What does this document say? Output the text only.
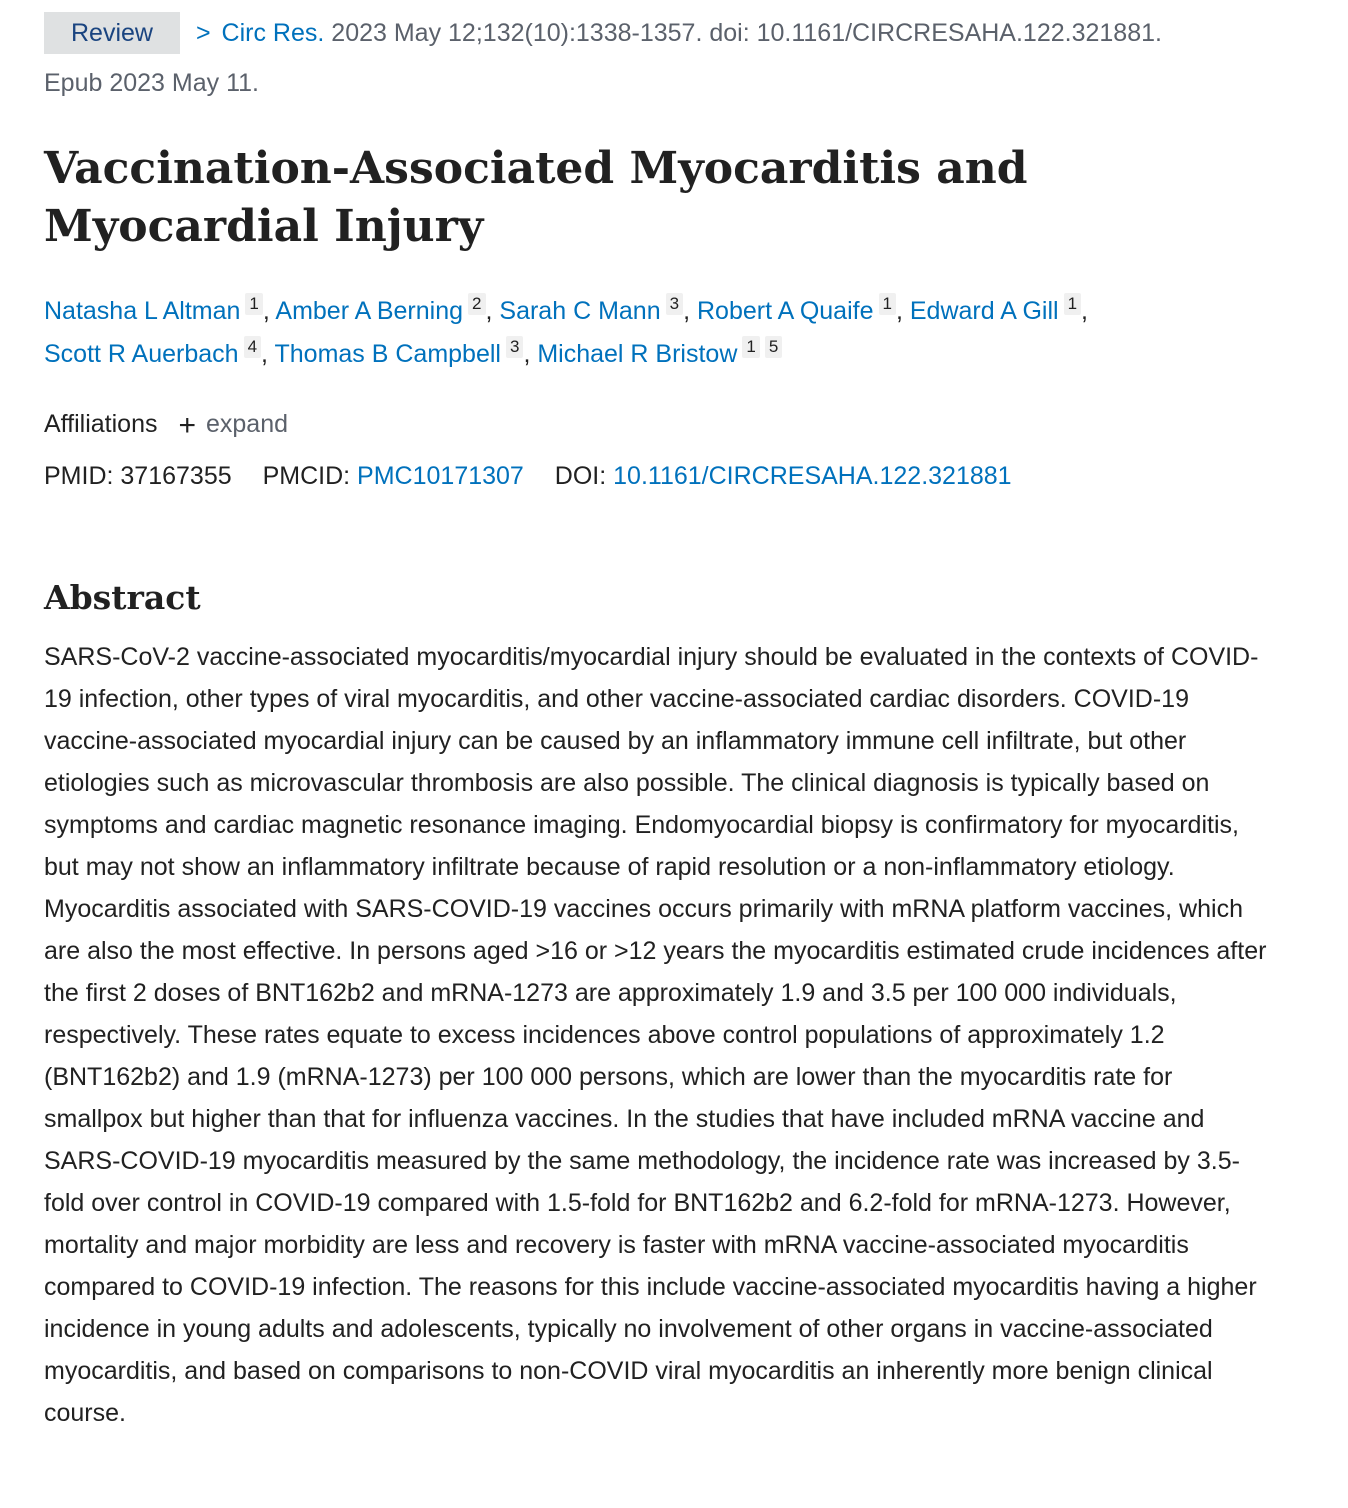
Review > Circ Res. 2023 May 12;132(10):1338-1357. doi: 10.1161/CIRCRESAHA.122.321881.
Epub 2023 May 11.
Vaccination-Associated Myocarditis and Myocardial Injury
Natasha L Altman $^1$ , Amber A Berning $^2$ , Sarah C Mann $^3$ , Robert A Quaife $^1$ , Edward A Gill $^1$ ,
Scott R Auerbach $^4$ , Thomas B Campbell $^3$ , Michael R Bristow $^1$ $^5$
Affiliations + expand
PMID: 37167355 PMCID: PMC10171307 DOI: 10.1161/CIRCRESAHA.122.321881
Abstract

SARS-CoV-2 vaccine-associated myocarditis/myocardial injury should be evaluated in the contexts of COVID-19 infection, other types of viral myocarditis, and other vaccine-associated cardiac disorders. COVID-19 vaccine-associated myocardial injury can be caused by an inflammatory immune cell infiltrate, but other etiologies such as microvascular thrombosis are also possible. The clinical diagnosis is typically based on symptoms and cardiac magnetic resonance imaging. Endomyocardial biopsy is confirmatory for myocarditis, but may not show an inflammatory infiltrate because of rapid resolution or a non-inflammatory etiology. Myocarditis associated with SARS-COVID-19 vaccines occurs primarily with mRNA platform vaccines, which are also the most effective. In persons aged >16 or >12 years the myocarditis estimated crude incidences after the first 2 doses of BNT162b2 and mRNA-1273 are approximately 1.9 and 3.5 per 100 000 individuals, respectively. These rates equate to excess incidences above control populations of approximately 1.2 (BNT162b2) and 1.9 (mRNA-1273) per 100 000 persons, which are lower than the myocarditis rate for smallpox but higher than that for influenza vaccines. In the studies that have included mRNA vaccine and SARS-COVID-19 myocarditis measured by the same methodology, the incidence rate was increased by 3.5-fold over control in COVID-19 compared with 1.5-fold for BNT162b2 and 6.2-fold for mRNA-1273. However, mortality and major morbidity are less and recovery is faster with mRNA vaccine-associated myocarditis compared to COVID-19 infection. The reasons for this include vaccine-associated myocarditis having a higher incidence in young adults and adolescents, typically no involvement of other organs in vaccine-associated myocarditis, and based on comparisons to non-COVID viral myocarditis an inherently more benign clinical course.
